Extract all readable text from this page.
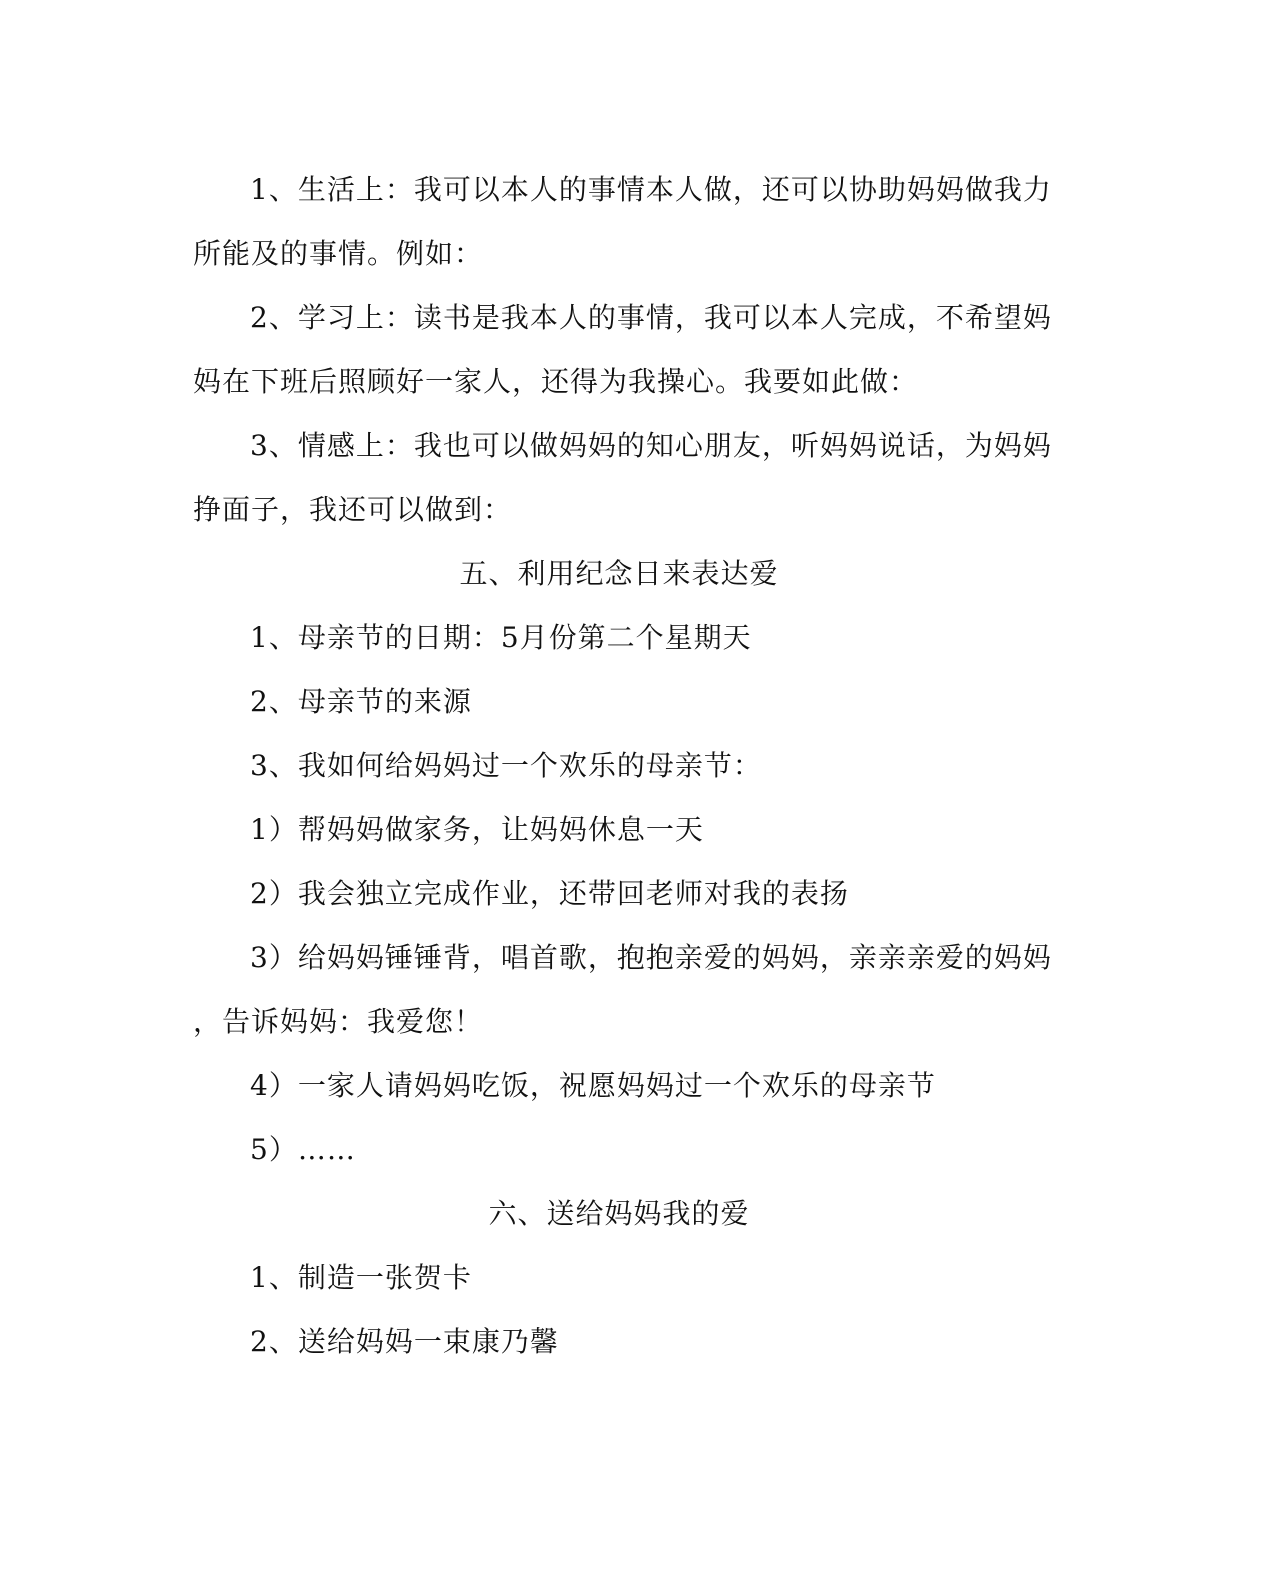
1、生活上：我可以本人的事情本人做，还可以协助妈妈做我力
所能及的事情。例如：
2、学习上：读书是我本人的事情，我可以本人完成，不希望妈
妈在下班后照顾好一家人，还得为我操心。我要如此做：
3、情感上：我也可以做妈妈的知心朋友，听妈妈说话，为妈妈
挣面子，我还可以做到：
五、利用纪念日来表达爱
1、母亲节的日期：5月份第二个星期天
2、母亲节的来源
3、我如何给妈妈过一个欢乐的母亲节：
1）帮妈妈做家务，让妈妈休息一天
2）我会独立完成作业，还带回老师对我的表扬
3）给妈妈锤锤背，唱首歌，抱抱亲爱的妈妈，亲亲亲爱的妈妈
，告诉妈妈：我爱您！
4）一家人请妈妈吃饭，祝愿妈妈过一个欢乐的母亲节
5）……
六、送给妈妈我的爱
1、制造一张贺卡
2、送给妈妈一束康乃馨
